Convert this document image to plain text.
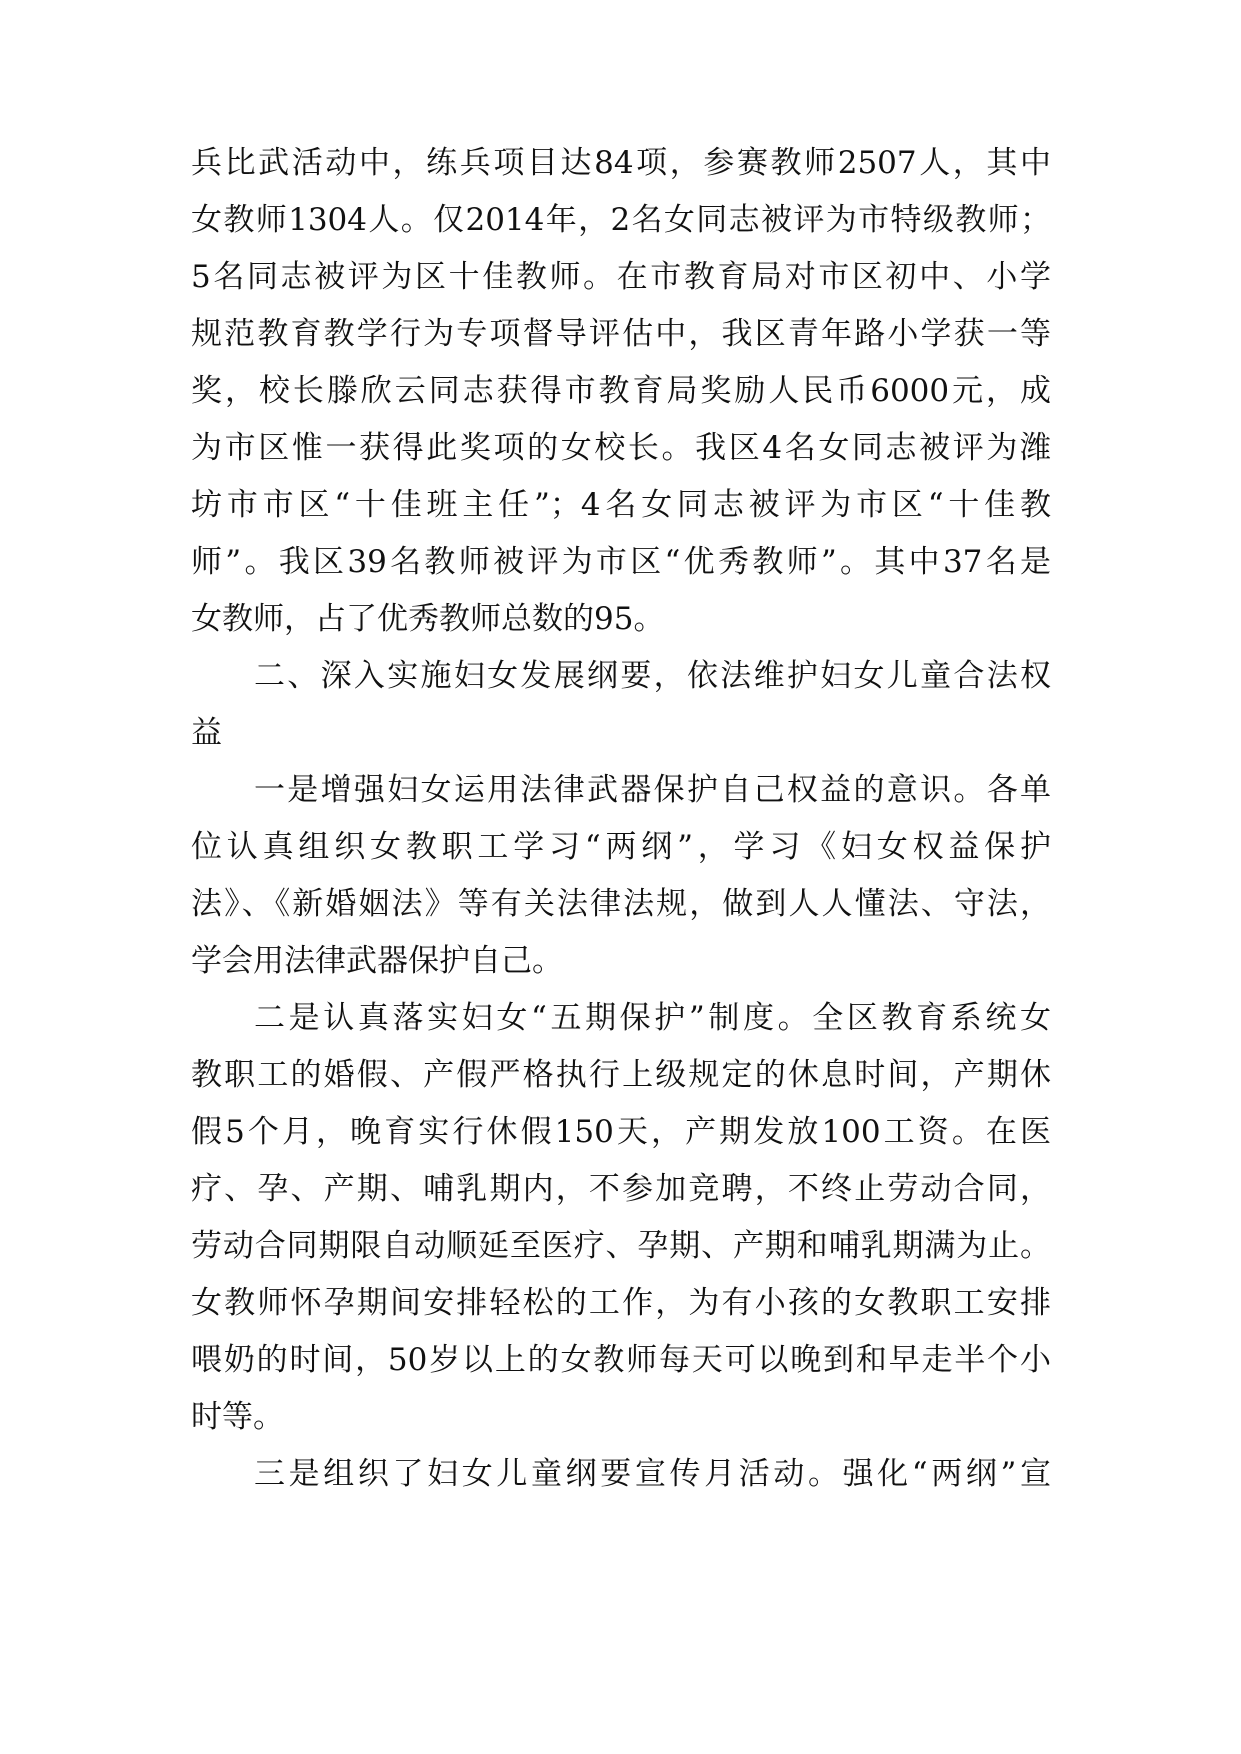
兵比武活动中，练兵项目达84项，参赛教师2507人，其中
女教师1304人。仅2014年，2名女同志被评为市特级教师；
5名同志被评为区十佳教师。在市教育局对市区初中、小学
规范教育教学行为专项督导评估中，我区青年路小学获一等
奖，校长滕欣云同志获得市教育局奖励人民币6000元，成
为市区惟一获得此奖项的女校长。我区4名女同志被评为潍
坊市市区“十佳班主任”；4名女同志被评为市区“十佳教
师”。我区39名教师被评为市区“优秀教师”。其中37名是
女教师，占了优秀教师总数的95。
二、深入实施妇女发展纲要，依法维护妇女儿童合法权
益
一是增强妇女运用法律武器保护自己权益的意识。各单
位认真组织女教职工学习“两纲”，学习《妇女权益保护
法》、《新婚姻法》等有关法律法规，做到人人懂法、守法，
学会用法律武器保护自己。
二是认真落实妇女“五期保护”制度。全区教育系统女
教职工的婚假、产假严格执行上级规定的休息时间，产期休
假5个月，晚育实行休假150天，产期发放100工资。在医
疗、孕、产期、哺乳期内，不参加竞聘，不终止劳动合同，
劳动合同期限自动顺延至医疗、孕期、产期和哺乳期满为止。
女教师怀孕期间安排轻松的工作，为有小孩的女教职工安排
喂奶的时间，50岁以上的女教师每天可以晚到和早走半个小
时等。
三是组织了妇女儿童纲要宣传月活动。强化“两纲”宣
